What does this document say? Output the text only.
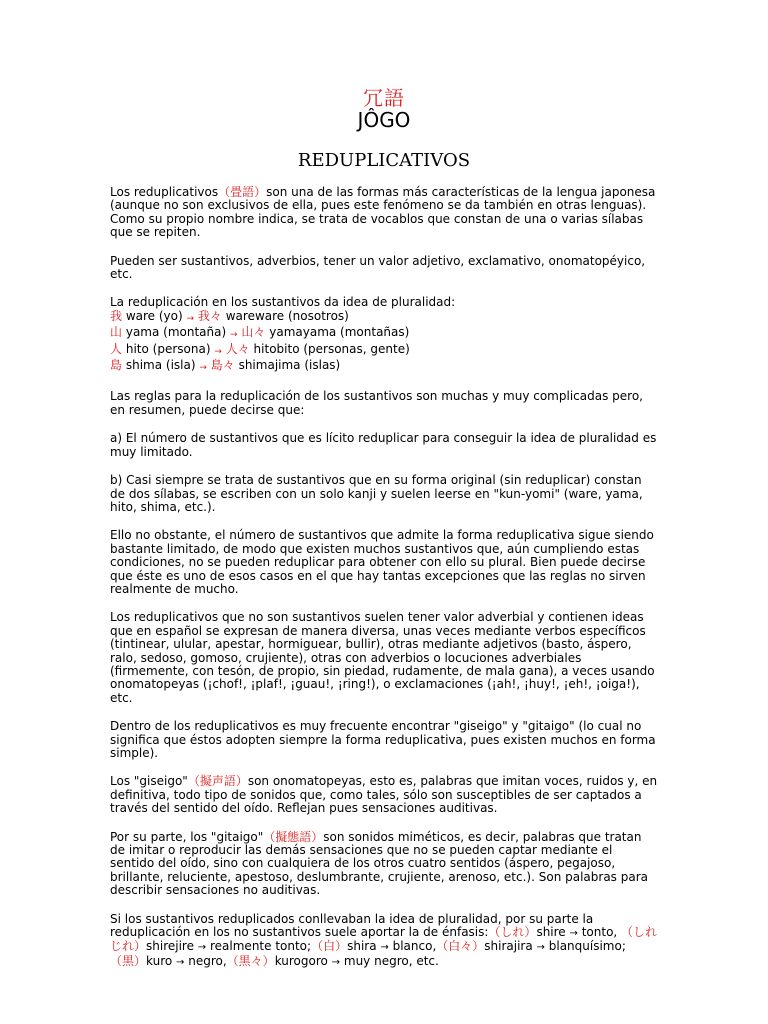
冗語
JÔGO
REDUPLICATIVOS

Los reduplicativos（畳語）son una de las formas más características de la lengua japonesa (aunque no son exclusivos de ella, pues este fenómeno se da también en otras lenguas). Como su propio nombre indica, se trata de vocablos que constan de una o varias sílabas que se repiten.

Pueden ser sustantivos, adverbios, tener un valor adjetivo, exclamativo, onomatopéyico, etc.

La reduplicación en los sustantivos da idea de pluralidad:

我 ware (yo) → 我々 wareware (nosotros)
山 yama (montaña) → 山々 yamayama (montañas)
人 hito (persona) → 人々 hitobito (personas, gente)
島 shima (isla) → 島々 shimajima (islas)

Las reglas para la reduplicación de los sustantivos son muchas y muy complicadas pero, en resumen, puede decirse que:

a) El número de sustantivos que es lícito reduplicar para conseguir la idea de pluralidad es muy limitado.

b) Casi siempre se trata de sustantivos que en su forma original (sin reduplicar) constan de dos sílabas, se escriben con un solo kanji y suelen leerse en "kun-yomi" (ware, yama, hito, shima, etc.).

Ello no obstante, el número de sustantivos que admite la forma reduplicativa sigue siendo bastante limitado, de modo que existen muchos sustantivos que, aún cumpliendo estas condiciones, no se pueden reduplicar para obtener con ello su plural. Bien puede decirse que éste es uno de esos casos en el que hay tantas excepciones que las reglas no sirven realmente de mucho.

Los reduplicativos que no son sustantivos suelen tener valor adverbial y contienen ideas que en español se expresan de manera diversa, unas veces mediante verbos específicos (tintinear, ulular, apestar, hormiguear, bullir), otras mediante adjetivos (basto, áspero, ralo, sedoso, gomoso, crujiente), otras con adverbios o locuciones adverbiales (firmemente, con tesón, de propio, sin piedad, rudamente, de mala gana), a veces usando onomatopeyas (¡chof!, ¡plaf!, ¡guau!, ¡ring!), o exclamaciones (¡ah!, ¡huy!, ¡eh!, ¡oiga!), etc.

Dentro de los reduplicativos es muy frecuente encontrar "giseigo" y "gitaigo" (lo cual no significa que éstos adopten siempre la forma reduplicativa, pues existen muchos en forma simple).

Los "giseigo"（擬声語）son onomatopeyas, esto es, palabras que imitan voces, ruidos y, en definitiva, todo tipo de sonidos que, como tales, sólo son susceptibles de ser captados a través del sentido del oído. Reflejan pues sensaciones auditivas.

Por su parte, los "gitaigo"（擬態語）son sonidos miméticos, es decir, palabras que tratan de imitar o reproducir las demás sensaciones que no se pueden captar mediante el sentido del oído, sino con cualquiera de los otros cuatro sentidos (áspero, pegajoso, brillante, reluciente, apestoso, deslumbrante, crujiente, arenoso, etc.). Son palabras para describir sensaciones no auditivas.

Si los sustantivos reduplicados conllevaban la idea de pluralidad, por su parte la reduplicación en los no sustantivos suele aportar la de énfasis:（しれ）shire → tonto, （しれじれ）shirejire → realmente tonto;（白）shira → blanco,（白々）shirajira → blanquísimo;（黒）kuro → negro,（黒々）kurogoro → muy negro, etc.
